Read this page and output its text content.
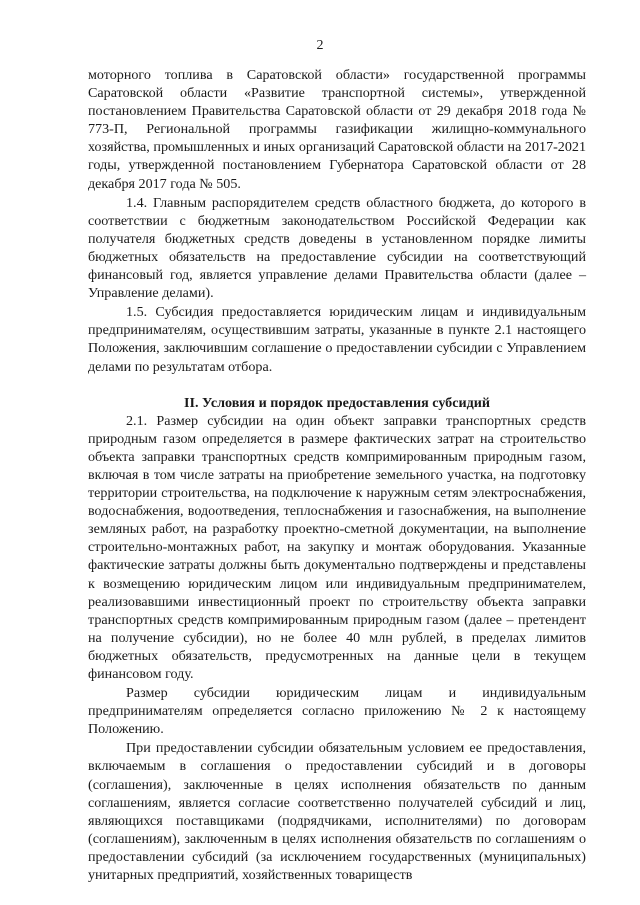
2

моторного топлива в Саратовской области» государственной программы Саратовской области «Развитие транспортной системы», утвержденной постановлением Правительства Саратовской области от 29 декабря 2018 года № 773-П, Региональной программы газификации жилищно-коммунального хозяйства, промышленных и иных организаций Саратовской области на 2017-2021 годы, утвержденной постановлением Губернатора Саратовской области от 28 декабря 2017 года № 505.

1.4. Главным распорядителем средств областного бюджета, до которого в соответствии с бюджетным законодательством Российской Федерации как получателя бюджетных средств доведены в установленном порядке лимиты бюджетных обязательств на предоставление субсидии на соответствующий финансовый год, является управление делами Правительства области (далее – Управление делами).

1.5. Субсидия предоставляется юридическим лицам и индивидуальным предпринимателям, осуществившим затраты, указанные в пункте 2.1 настоящего Положения, заключившим соглашение о предоставлении субсидии с Управлением делами по результатам отбора.

II. Условия и порядок предоставления субсидий

2.1. Размер субсидии на один объект заправки транспортных средств природным газом определяется в размере фактических затрат на строительство объекта заправки транспортных средств компримированным природным газом, включая в том числе затраты на приобретение земельного участка, на подготовку территории строительства, на подключение к наружным сетям электроснабжения, водоснабжения, водоотведения, теплоснабжения и газоснабжения, на выполнение земляных работ, на разработку проектно-сметной документации, на выполнение строительно-монтажных работ, на закупку и монтаж оборудования. Указанные фактические затраты должны быть документально подтверждены и представлены к возмещению юридическим лицом или индивидуальным предпринимателем, реализовавшими инвестиционный проект по строительству объекта заправки транспортных средств компримированным природным газом (далее – претендент на получение субсидии), но не более 40 млн рублей, в пределах лимитов бюджетных обязательств, предусмотренных на данные цели в текущем финансовом году.

Размер субсидии юридическим лицам и индивидуальным предпринимателям определяется согласно приложению № 2 к настоящему Положению.

При предоставлении субсидии обязательным условием ее предоставления, включаемым в соглашения о предоставлении субсидий и в договоры (соглашения), заключенные в целях исполнения обязательств по данным соглашениям, является согласие соответственно получателей субсидий и лиц, являющихся поставщиками (подрядчиками, исполнителями) по договорам (соглашениям), заключенным в целях исполнения обязательств по соглашениям о предоставлении субсидий (за исключением государственных (муниципальных) унитарных предприятий, хозяйственных товариществ
